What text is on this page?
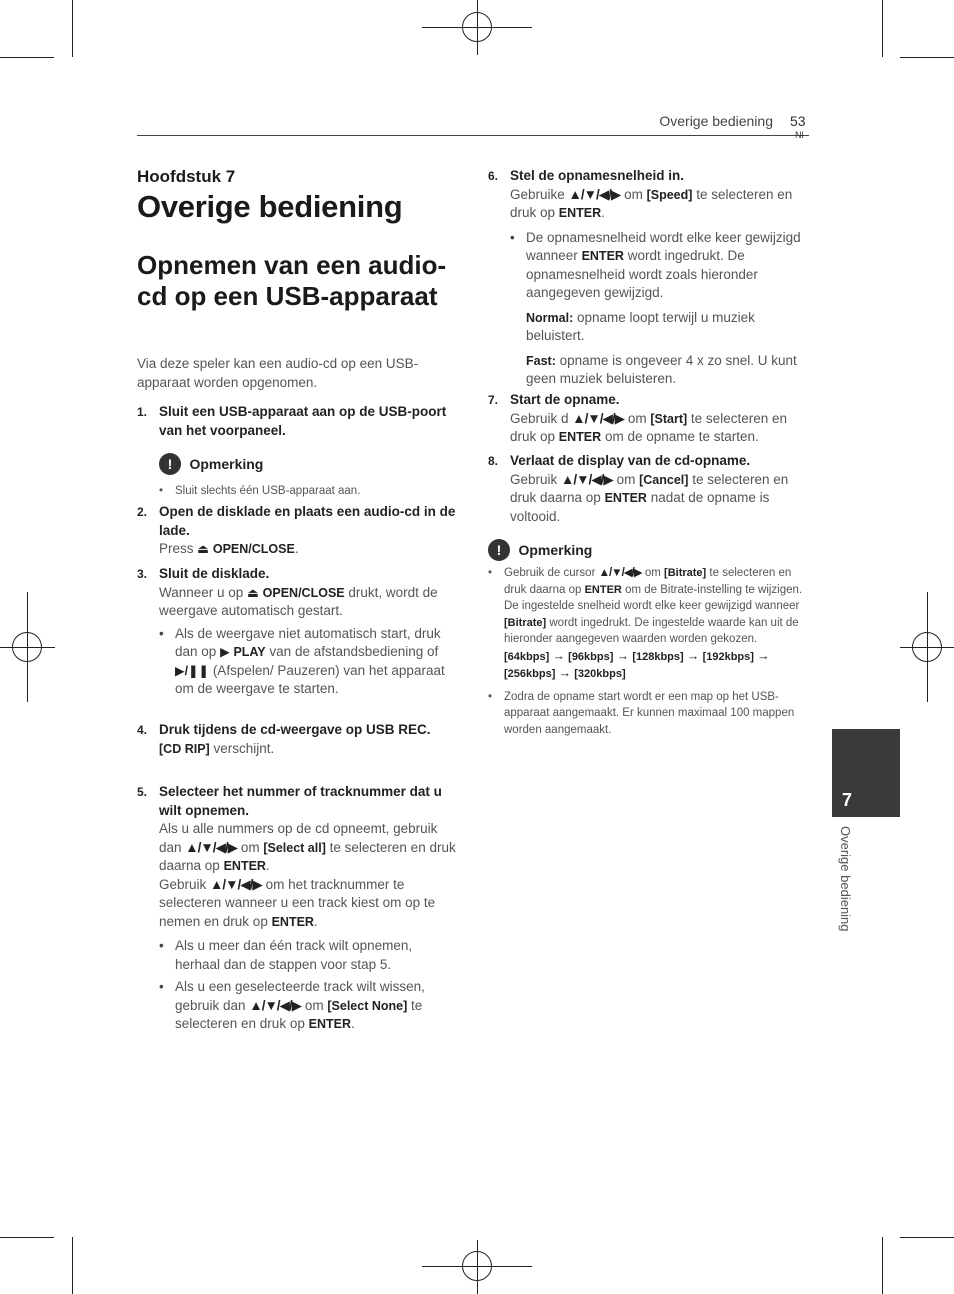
Overige bediening 53
Nl
Hoofdstuk 7
Overige bediening
Opnemen van een audio-cd op een USB-apparaat
Via deze speler kan een audio-cd op een USB-apparaat worden opgenomen.
1. Sluit een USB-apparaat aan op de USB-poort van het voorpaneel.
! Opmerking
• Sluit slechts één USB-apparaat aan.
2. Open de disklade en plaats een audio-cd in de lade.
Press ⏏ OPEN/CLOSE.
3. Sluit de disklade.
Wanneer u op ⏏ OPEN/CLOSE drukt, wordt de weergave automatisch gestart.
• Als de weergave niet automatisch start, druk dan op ▶ PLAY van de afstandsbediening of ▶/❚❚ (Afspelen/ Pauzeren) van het apparaat om de weergave te starten.
4. Druk tijdens de cd-weergave op USB REC.
[CD RIP] verschijnt.
5. Selecteer het nummer of tracknummer dat u wilt opnemen.
Als u alle nummers op de cd opneemt, gebruik dan ▲/▼/◀/▶ om [Select all] te selecteren en druk daarna op ENTER.
Gebruik ▲/▼/◀/▶ om het tracknummer te selecteren wanneer u een track kiest om op te nemen en druk op ENTER.
• Als u meer dan één track wilt opnemen, herhaal dan de stappen voor stap 5.
• Als u een geselecteerde track wilt wissen, gebruik dan ▲/▼/◀/▶ om [Select None] te selecteren en druk op ENTER.
6. Stel de opnamesnelheid in.
Gebruike ▲/▼/◀/▶ om [Speed] te selecteren en druk op ENTER.
• De opnamesnelheid wordt elke keer gewijzigd wanneer ENTER wordt ingedrukt. De opnamesnelheid wordt zoals hieronder aangegeven gewijzigd.
Normal: opname loopt terwijl u muziek beluistert.
Fast: opname is ongeveer 4 x zo snel. U kunt geen muziek beluisteren.
7. Start de opname.
Gebruik d ▲/▼/◀/▶ om [Start] te selecteren en druk op ENTER om de opname te starten.
8. Verlaat de display van de cd-opname.
Gebruik ▲/▼/◀/▶ om [Cancel] te selecteren en druk daarna op ENTER nadat de opname is voltooid.
! Opmerking
• Gebruik de cursor ▲/▼/◀/▶ om [Bitrate] te selecteren en druk daarna op ENTER om de Bitrate-instelling te wijzigen.
De ingestelde snelheid wordt elke keer gewijzigd wanneer [Bitrate] wordt ingedrukt. De ingestelde waarde kan uit de hieronder aangegeven waarden worden gekozen.
[64kbps] → [96kbps] → [128kbps] → [192kbps] → [256kbps] → [320kbps]
• Zodra de opname start wordt er een map op het USB-apparaat aangemaakt. Er kunnen maximaal 100 mappen worden aangemaakt.
7
Overige bediening
